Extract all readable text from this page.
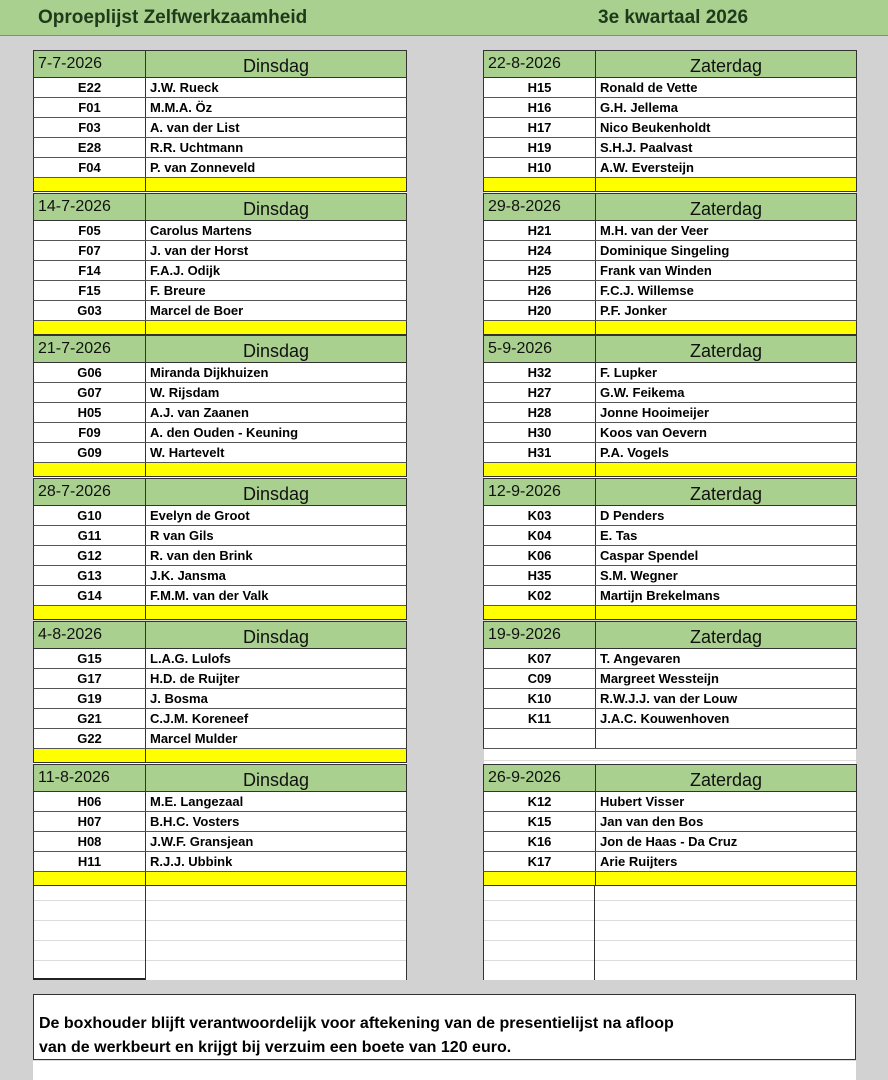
Oproeplijst Zelfwerkzaamheid	3e kwartaal 2026
7-7-2026	Dinsdag
E22	J.W. Rueck
F01	M.M.A. Öz
F03	A. van der List
E28	R.R. Uchtmann
F04	P. van Zonneveld
14-7-2026	Dinsdag
F05	Carolus Martens
F07	J. van der Horst
F14	F.A.J. Odijk
F15	F. Breure
G03	Marcel de Boer
21-7-2026	Dinsdag
G06	Miranda Dijkhuizen
G07	W. Rijsdam
H05	A.J. van Zaanen
F09	A. den Ouden - Keuning
G09	W. Hartevelt
28-7-2026	Dinsdag
G10	Evelyn de Groot
G11	R van Gils
G12	R. van den Brink
G13	J.K. Jansma
G14	F.M.M. van der Valk
4-8-2026	Dinsdag
G15	L.A.G. Lulofs
G17	H.D. de Ruijter
G19	J. Bosma
G21	C.J.M. Koreneef
G22	Marcel Mulder
11-8-2026	Dinsdag
H06	M.E. Langezaal
H07	B.H.C. Vosters
H08	J.W.F. Gransjean
H11	R.J.J. Ubbink
22-8-2026	Zaterdag
H15	Ronald de Vette
H16	G.H. Jellema
H17	Nico Beukenholdt
H19	S.H.J. Paalvast
H10	A.W. Eversteijn
29-8-2026	Zaterdag
H21	M.H. van der Veer
H24	Dominique Singeling
H25	Frank van Winden
H26	F.C.J. Willemse
H20	P.F. Jonker
5-9-2026	Zaterdag
H32	F. Lupker
H27	G.W. Feikema
H28	Jonne Hooimeijer
H30	Koos van Oevern
H31	P.A. Vogels
12-9-2026	Zaterdag
K03	D Penders
K04	E. Tas
K06	Caspar Spendel
H35	S.M. Wegner
K02	Martijn Brekelmans
19-9-2026	Zaterdag
K07	T. Angevaren
C09	Margreet Wessteijn
K10	R.W.J.J. van der Louw
K11	J.A.C. Kouwenhoven
26-9-2026	Zaterdag
K12	Hubert Visser
K15	Jan van den Bos
K16	Jon de Haas - Da Cruz
K17	Arie Ruijters
De boxhouder blijft verantwoordelijk voor aftekening van de presentielijst na afloop
van de werkbeurt en krijgt bij verzuim een boete van 120 euro.
